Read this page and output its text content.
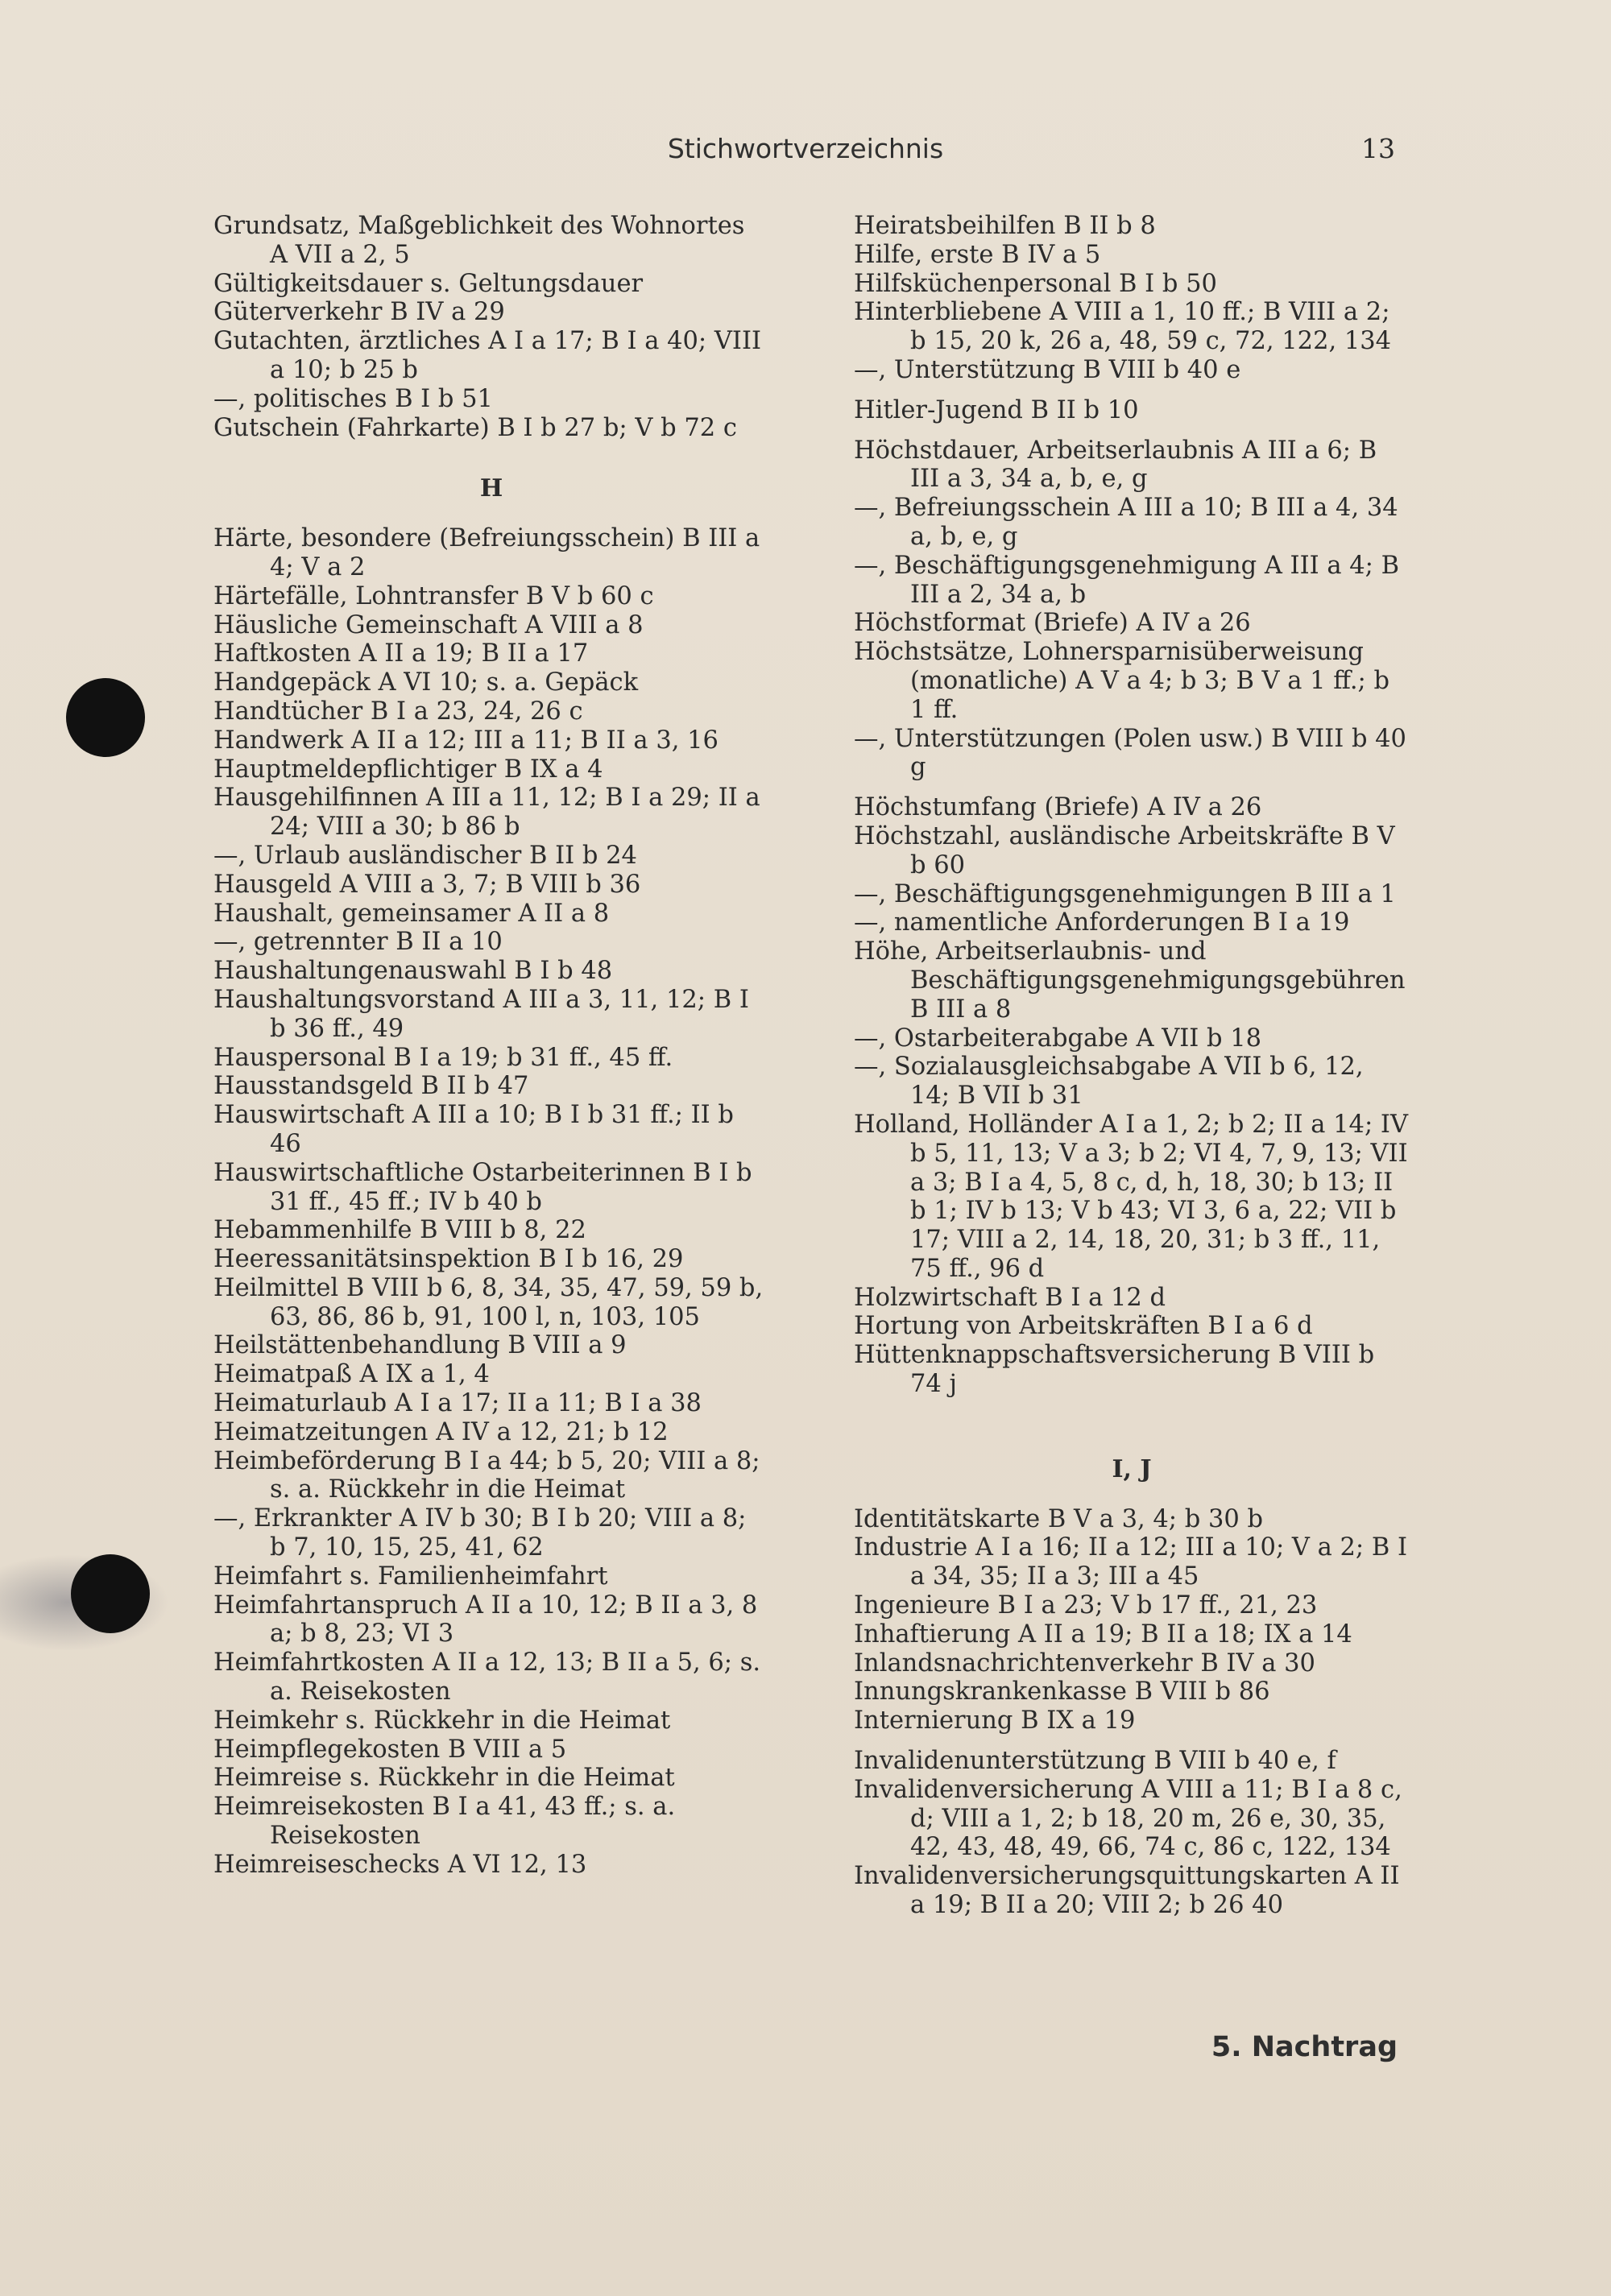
Stichwortverzeichnis	13

Grundsatz, Maßgeblichkeit des Wohnortes A VII a 2, 5

Gültigkeitsdauer s. Geltungsdauer

Güterverkehr B IV a 29

Gutachten, ärztliches A I a 17; B I a 40; VIII a 10; b 25 b

—, politisches B I b 51

Gutschein (Fahrkarte) B I b 27 b; V b 72 c

H

Härte, besondere (Befreiungsschein) B III a 4; V a 2

Härtefälle, Lohntransfer B V b 60 c

Häusliche Gemeinschaft A VIII a 8

Haftkosten A II a 19; B II a 17

Handgepäck A VI 10; s. a. Gepäck

Handtücher B I a 23, 24, 26 c

Handwerk A II a 12; III a 11; B II a 3, 16

Hauptmeldepflichtiger B IX a 4

Hausgehilfinnen A III a 11, 12; B I a 29; II a 24; VIII a 30; b 86 b

—, Urlaub ausländischer B II b 24

Hausgeld A VIII a 3, 7; B VIII b 36

Haushalt, gemeinsamer A II a 8

—, getrennter B II a 10

Haushaltungenauswahl B I b 48

Haushaltungsvorstand A III a 3, 11, 12; B I b 36 ff., 49

Hauspersonal B I a 19; b 31 ff., 45 ff.

Hausstandsgeld B II b 47

Hauswirtschaft A III a 10; B I b 31 ff.; II b 46

Hauswirtschaftliche Ostarbeiterinnen B I b 31 ff., 45 ff.; IV b 40 b

Hebammenhilfe B VIII b 8, 22

Heeressanitätsinspektion B I b 16, 29

Heilmittel B VIII b 6, 8, 34, 35, 47, 59, 59 b, 63, 86, 86 b, 91, 100 l, n, 103, 105

Heilstättenbehandlung B VIII a 9

Heimatpaß A IX a 1, 4

Heimaturlaub A I a 17; II a 11; B I a 38

Heimatzeitungen A IV a 12, 21; b 12

Heimbeförderung B I a 44; b 5, 20; VIII a 8; s. a. Rückkehr in die Heimat

—, Erkrankter A IV b 30; B I b 20; VIII a 8; b 7, 10, 15, 25, 41, 62

Heimfahrt s. Familienheimfahrt

Heimfahrtanspruch A II a 10, 12; B II a 3, 8 a; b 8, 23; VI 3

Heimfahrtkosten A II a 12, 13; B II a 5, 6; s. a. Reisekosten

Heimkehr s. Rückkehr in die Heimat

Heimpflegekosten B VIII a 5

Heimreise s. Rückkehr in die Heimat

Heimreisekosten B I a 41, 43 ff.; s. a. Reisekosten

Heimreiseschecks A VI 12, 13

Heiratsbeihilfen B II b 8

Hilfe, erste B IV a 5

Hilfsküchenpersonal B I b 50

Hinterbliebene A VIII a 1, 10 ff.; B VIII a 2; b 15, 20 k, 26 a, 48, 59 c, 72, 122, 134

—, Unterstützung B VIII b 40 e

Hitler-Jugend B II b 10

Höchstdauer, Arbeitserlaubnis A III a 6; B III a 3, 34 a, b, e, g

—, Befreiungsschein A III a 10; B III a 4, 34 a, b, e, g

—, Beschäftigungsgenehmigung A III a 4; B III a 2, 34 a, b

Höchstformat (Briefe) A IV a 26

Höchstsätze, Lohnersparnisüberweisung (monatliche) A V a 4; b 3; B V a 1 ff.; b 1 ff.

—, Unterstützungen (Polen usw.) B VIII b 40 g

Höchstumfang (Briefe) A IV a 26

Höchstzahl, ausländische Arbeitskräfte B V b 60

—, Beschäftigungsgenehmigungen B III a 1

—, namentliche Anforderungen B I a 19

Höhe, Arbeitserlaubnis- und Beschäftigungsgenehmigungsgebühren B III a 8

—, Ostarbeiterabgabe A VII b 18

—, Sozialausgleichsabgabe A VII b 6, 12, 14; B VII b 31

Holland, Holländer A I a 1, 2; b 2; II a 14; IV b 5, 11, 13; V a 3; b 2; VI 4, 7, 9, 13; VII a 3; B I a 4, 5, 8 c, d, h, 18, 30; b 13; II b 1; IV b 13; V b 43; VI 3, 6 a, 22; VII b 17; VIII a 2, 14, 18, 20, 31; b 3 ff., 11, 75 ff., 96 d

Holzwirtschaft B I a 12 d

Hortung von Arbeitskräften B I a 6 d

Hüttenknappschaftsversicherung B VIII b 74 j

I, J

Identitätskarte B V a 3, 4; b 30 b

Industrie A I a 16; II a 12; III a 10; V a 2; B I a 34, 35; II a 3; III a 45

Ingenieure B I a 23; V b 17 ff., 21, 23

Inhaftierung A II a 19; B II a 18; IX a 14

Inlandsnachrichtenverkehr B IV a 30

Innungskrankenkasse B VIII b 86

Internierung B IX a 19

Invalidenunterstützung B VIII b 40 e, f

Invalidenversicherung A VIII a 11; B I a 8 c, d; VIII a 1, 2; b 18, 20 m, 26 e, 30, 35, 42, 43, 48, 49, 66, 74 c, 86 c, 122, 134

Invalidenversicherungsquittungskarten A II a 19; B II a 20; VIII 2; b 26 40

5. Nachtrag
